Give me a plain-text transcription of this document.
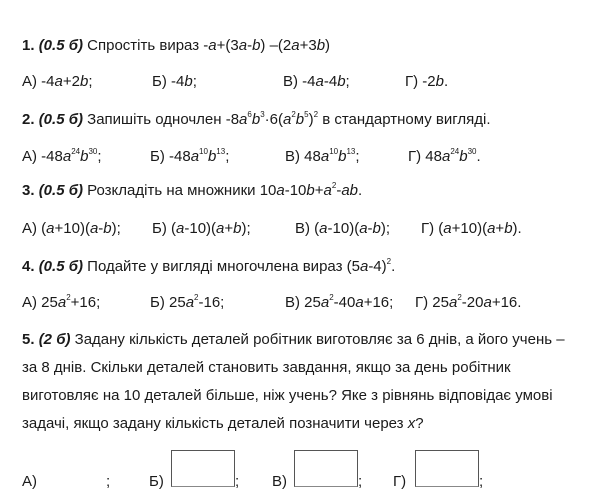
1. (0.5 б) Спростіть вираз -a+(3a-b) –(2a+3b)
А) -4a+2b;	Б) -4b;	В) -4a-4b;	Г) -2b.
2. (0.5 б) Запишіть одночлен $-8a^6b^3\cdot 6(a^2b^5)^2$ в стандартному вигляді.
А) $-48a^{24}b^{30}$;	Б) $-48a^{10}b^{13}$;	В) $48a^{10}b^{13}$;	Г) $48a^{24}b^{30}$.
3. (0.5 б) Розкладіть на множники $10a-10b+a^2-ab$.
А) (a+10)(a-b); Б) (a-10)(a+b);	В) (a-10)(a-b); Г) (a+10)(a+b).
4. (0.5 б) Подайте у вигляді многочлена вираз $(5a-4)^2$.
А) $25a^2+16$;	Б) $25a^2-16$;	В) $25a^2-40a+16$; Г) $25a^2-20a+16$.
5. (2 б) Задану кількість деталей робітник виготовляє за 6 днів, а його учень –
за 8 днів. Скільки деталей становить завдання, якщо за день робітник
виготовляє на 10 деталей більше, ніж учень? Яке з рівнянь відповідає умові
задачі, якщо задану кількість деталей позначити через x?
А)	;	Б)	; В)	; Г)	;
